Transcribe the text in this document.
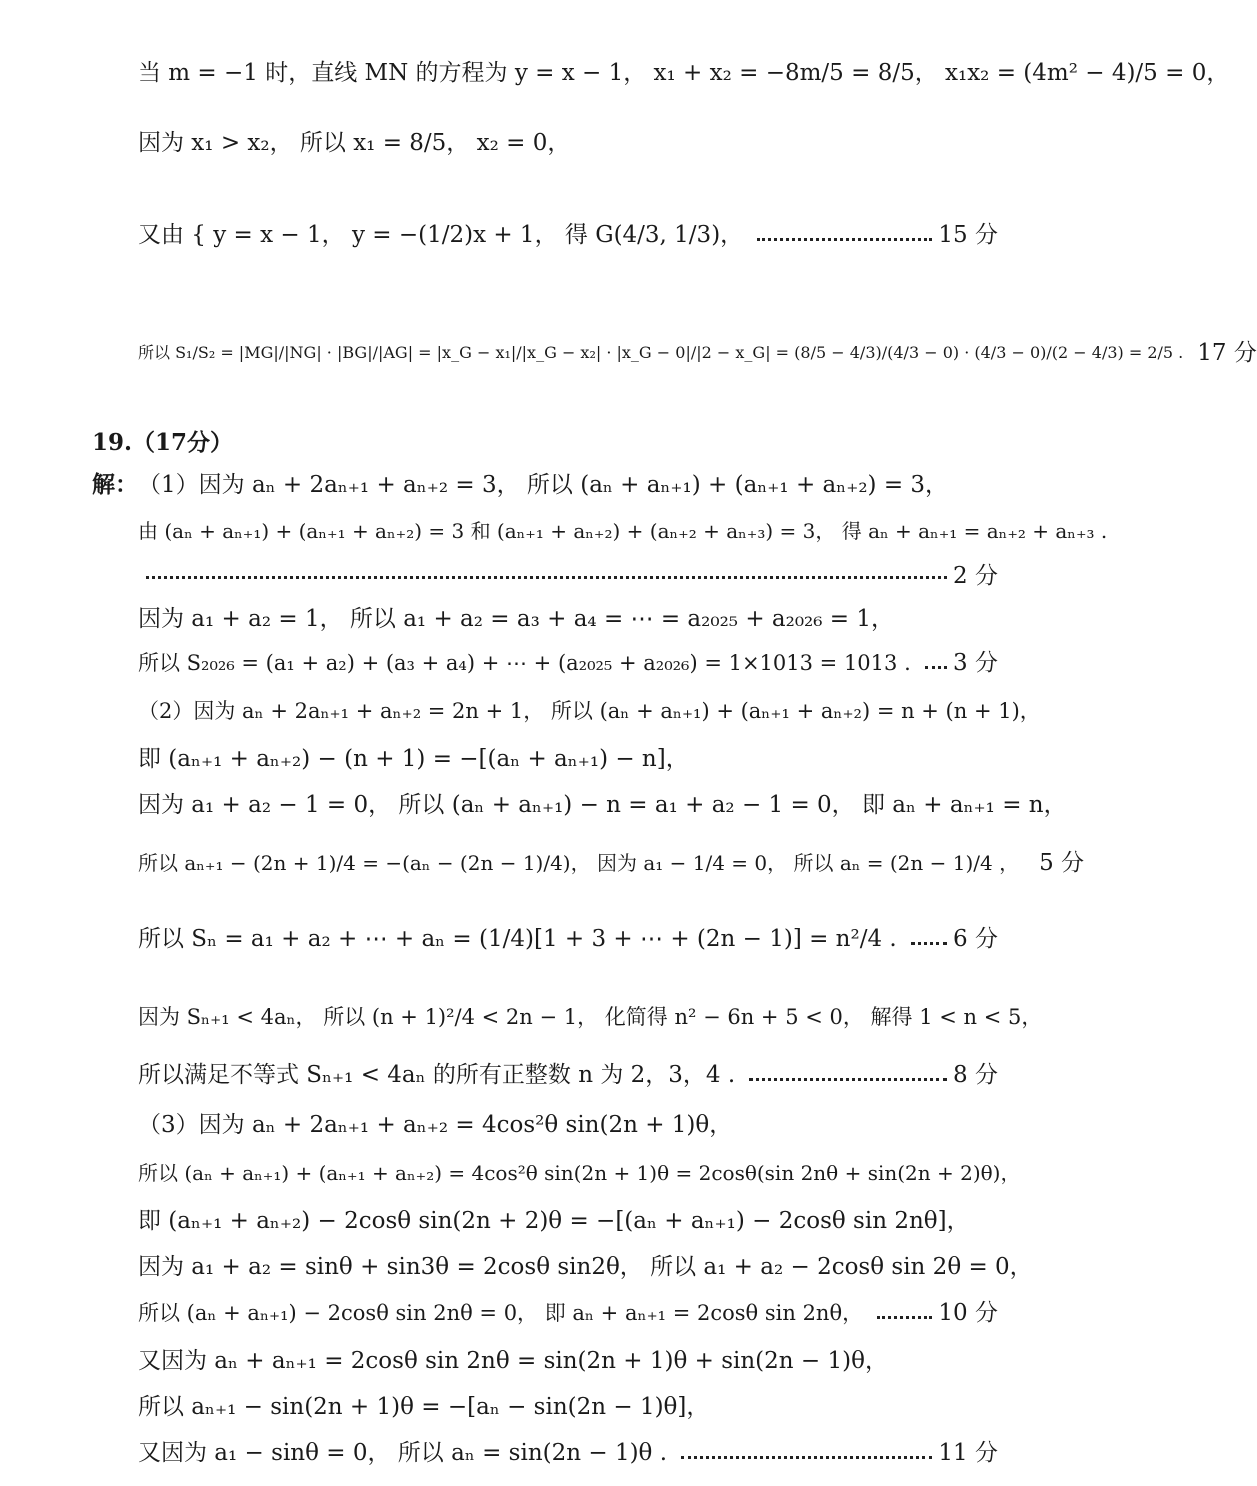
当 m = −1 时，直线 MN 的方程为 y = x − 1， x₁ + x₂ = −8m/5 = 8/5， x₁x₂ = (4m² − 4)/5 = 0，
因为 x₁ > x₂， 所以 x₁ = 8/5， x₂ = 0，
又由 { y = x − 1， y = −(1/2)x + 1， 得 G(4/3, 1/3)，	15 分
所以 S₁/S₂ = |MG|/|NG| · |BG|/|AG| = |x_G − x₁|/|x_G − x₂| · |x_G − 0|/|2 − x_G| = (8/5 − 4/3)/(4/3 − 0) · (4/3 − 0)/(2 − 4/3) = 2/5 . 17 分
19.（17分）
解： （1）因为 aₙ + 2aₙ₊₁ + aₙ₊₂ = 3， 所以 (aₙ + aₙ₊₁) + (aₙ₊₁ + aₙ₊₂) = 3，
由 (aₙ + aₙ₊₁) + (aₙ₊₁ + aₙ₊₂) = 3 和 (aₙ₊₁ + aₙ₊₂) + (aₙ₊₂ + aₙ₊₃) = 3， 得 aₙ + aₙ₊₁ = aₙ₊₂ + aₙ₊₃ .
2 分
因为 a₁ + a₂ = 1， 所以 a₁ + a₂ = a₃ + a₄ = ⋯ = a₂₀₂₅ + a₂₀₂₆ = 1，
所以 S₂₀₂₆ = (a₁ + a₂) + (a₃ + a₄) + ⋯ + (a₂₀₂₅ + a₂₀₂₆) = 1×1013 = 1013 . 3 分
（2）因为 aₙ + 2aₙ₊₁ + aₙ₊₂ = 2n + 1， 所以 (aₙ + aₙ₊₁) + (aₙ₊₁ + aₙ₊₂) = n + (n + 1)，
即 (aₙ₊₁ + aₙ₊₂) − (n + 1) = −[(aₙ + aₙ₊₁) − n]，
因为 a₁ + a₂ − 1 = 0， 所以 (aₙ + aₙ₊₁) − n = a₁ + a₂ − 1 = 0， 即 aₙ + aₙ₊₁ = n，
所以 aₙ₊₁ − (2n + 1)/4 = −(aₙ − (2n − 1)/4)， 因为 a₁ − 1/4 = 0， 所以 aₙ = (2n − 1)/4 ， 5 分
所以 Sₙ = a₁ + a₂ + ⋯ + aₙ = (1/4)[1 + 3 + ⋯ + (2n − 1)] = n²/4 . 6 分
因为 Sₙ₊₁ < 4aₙ， 所以 (n + 1)²/4 < 2n − 1， 化简得 n² − 6n + 5 < 0， 解得 1 < n < 5，
所以满足不等式 Sₙ₊₁ < 4aₙ 的所有正整数 n 为 2，3，4 .	8 分
（3）因为 aₙ + 2aₙ₊₁ + aₙ₊₂ = 4cos²θ sin(2n + 1)θ，
所以 (aₙ + aₙ₊₁) + (aₙ₊₁ + aₙ₊₂) = 4cos²θ sin(2n + 1)θ = 2cosθ(sin 2nθ + sin(2n + 2)θ)，
即 (aₙ₊₁ + aₙ₊₂) − 2cosθ sin(2n + 2)θ = −[(aₙ + aₙ₊₁) − 2cosθ sin 2nθ]，
因为 a₁ + a₂ = sinθ + sin3θ = 2cosθ sin2θ， 所以 a₁ + a₂ − 2cosθ sin 2θ = 0，
所以 (aₙ + aₙ₊₁) − 2cosθ sin 2nθ = 0， 即 aₙ + aₙ₊₁ = 2cosθ sin 2nθ，	10 分
又因为 aₙ + aₙ₊₁ = 2cosθ sin 2nθ = sin(2n + 1)θ + sin(2n − 1)θ，
所以 aₙ₊₁ − sin(2n + 1)θ = −[aₙ − sin(2n − 1)θ]，
又因为 a₁ − sinθ = 0， 所以 aₙ = sin(2n − 1)θ .	11 分
